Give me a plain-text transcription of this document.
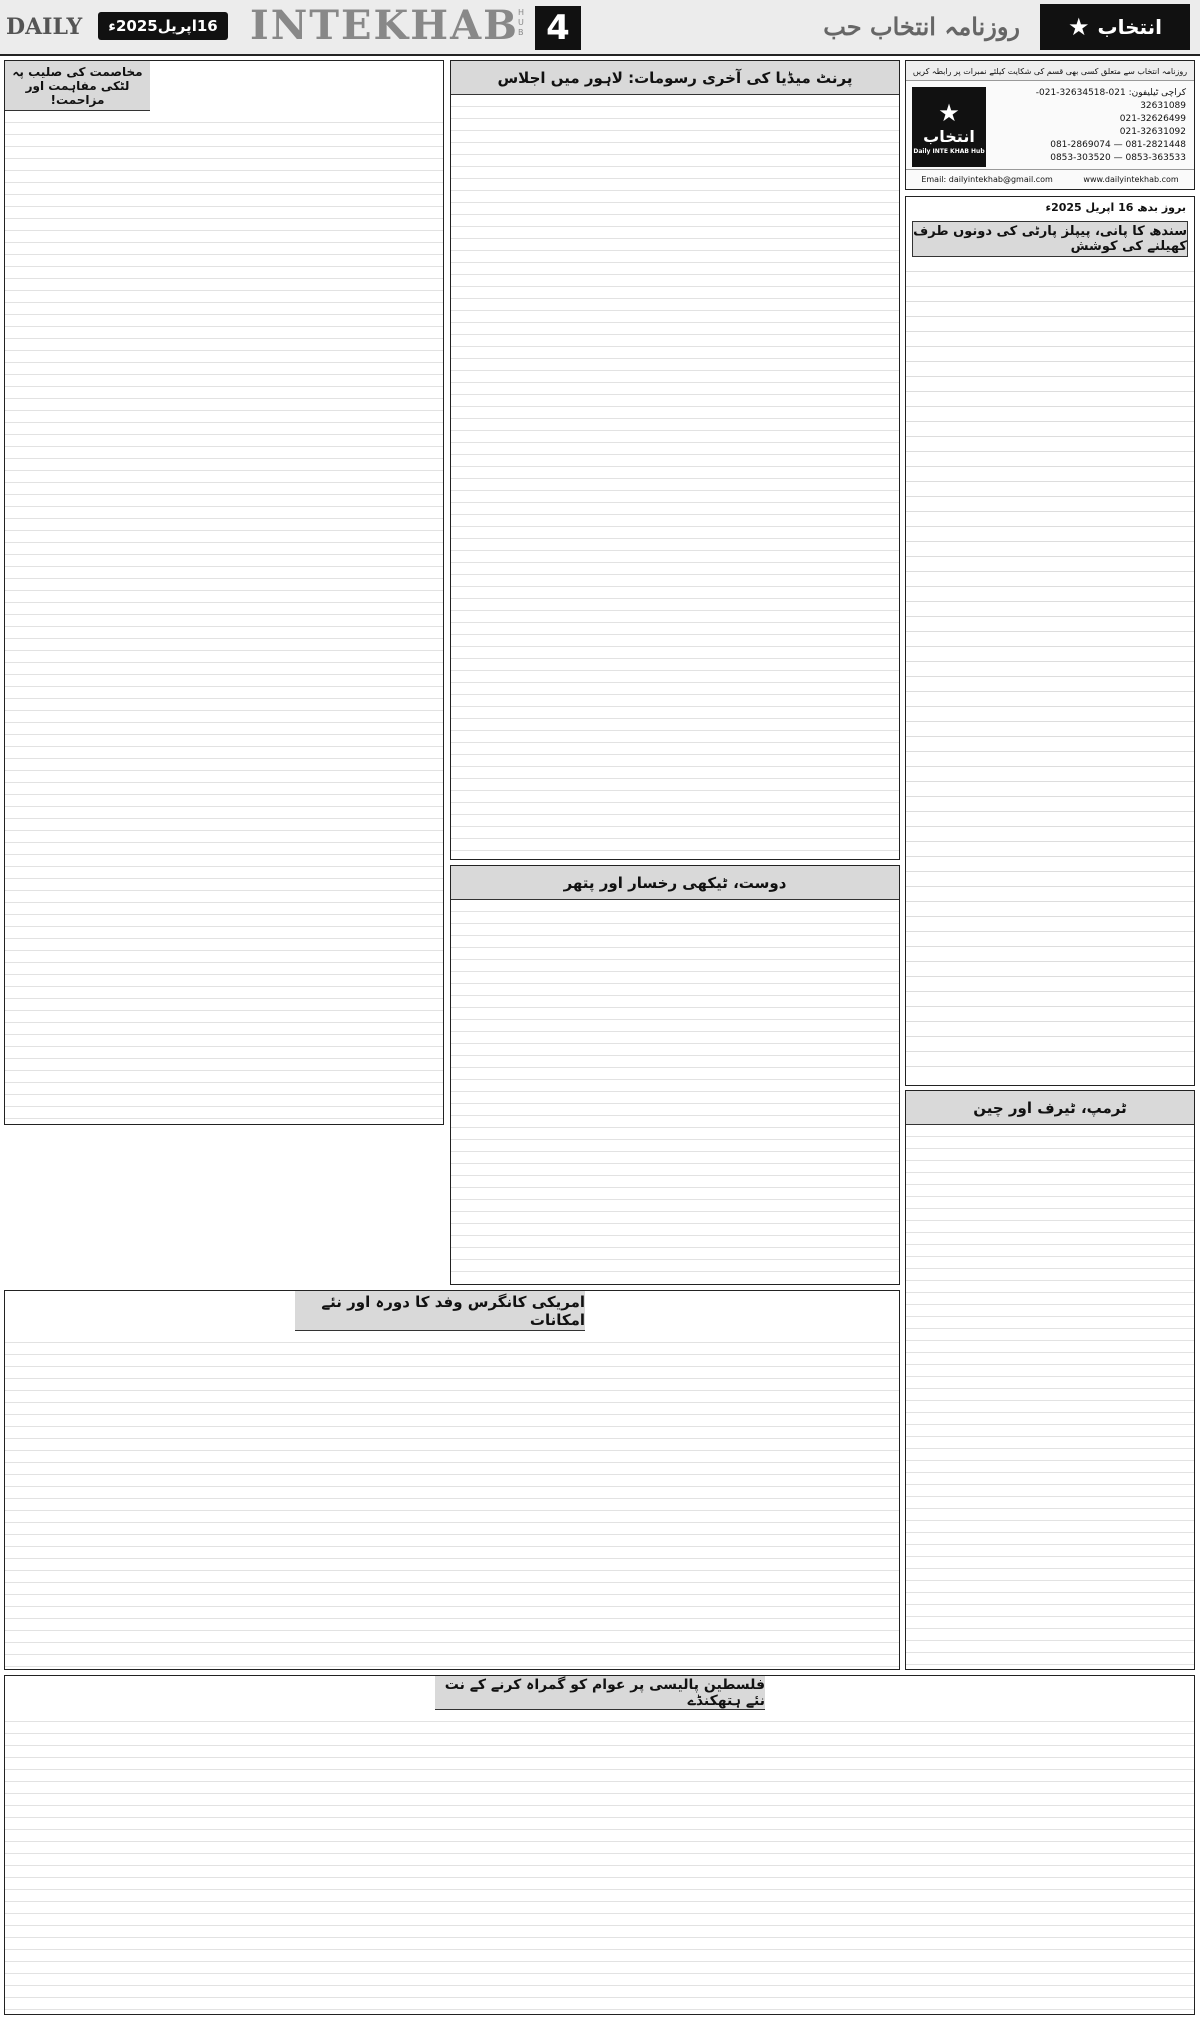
DAILY	16اپریل2025ء INTEKHAB H U B 4	روزنامہ انتخاب حب ★ انتخاب
روزنامہ انتخاب سے متعلق کسی بھی قسم کی شکایت کیلئے نمبرات پر رابطہ کریں
★
انتخاب
Daily INTE KHAB Hub
کراچی ٹیلیفون: 021-32634518-021-32631089
021-32626499
021-32631092
081-2821448 — 081-2869074
0853-363533 — 0853-303520
Email: dailyintekhab@gmail.com	www.dailyintekhab.com
بروز بدھ 16 اپریل 2025ء
سندھ کا پانی، پیپلز پارٹی کی دونوں طرف کھیلنے کی کوشش
پرنٹ میڈیا کی آخری رسومات: لاہور میں اجلاس
مخاصمت کی صلیب پہ لٹکی مفاہمت اور مزاحمت!
دوست، ٹیکھی رخسار اور پتھر
ٹرمپ، ٹیرف اور چین
امریکی کانگرس وفد کا دورہ اور نئے امکانات
فلسطین پالیسی پر عوام کو گمراہ کرنے کے نت نئے ہتھکنڈے
